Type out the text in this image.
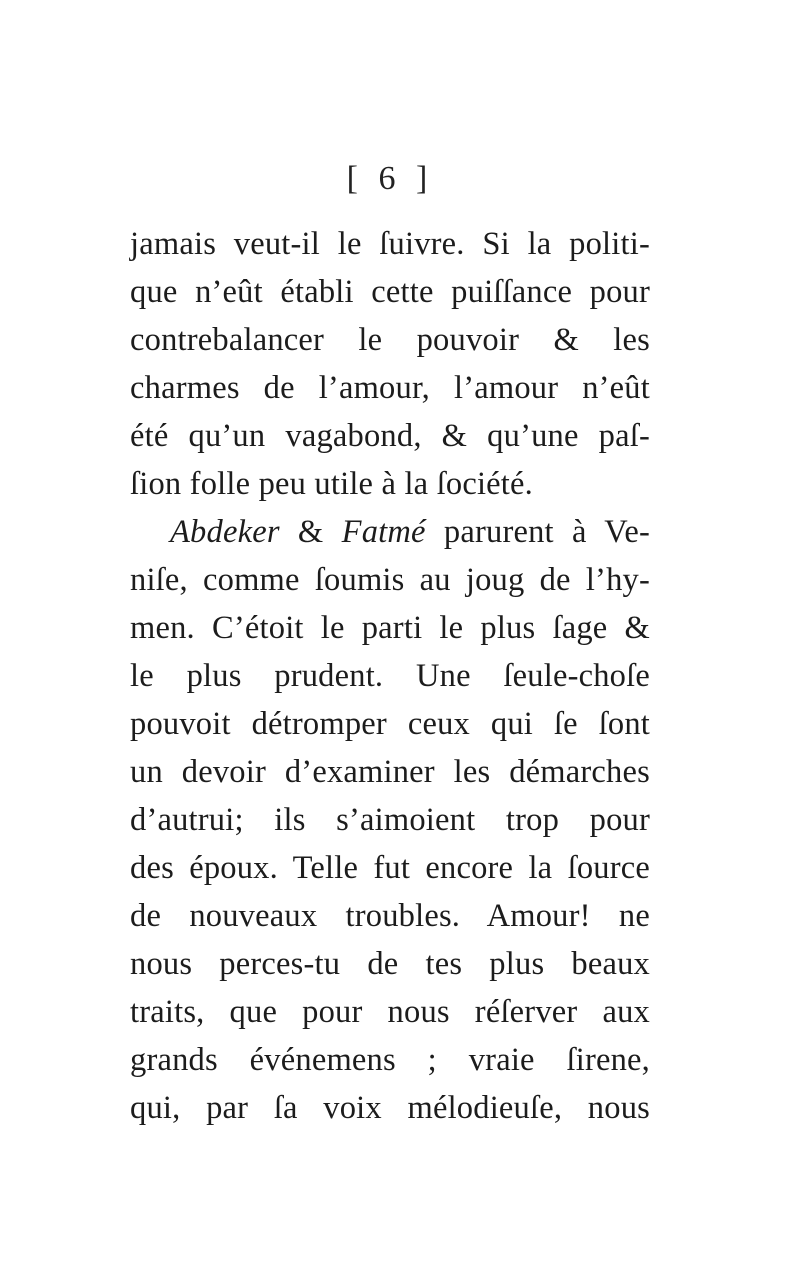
[ 6 ]
jamais veut-il le ſuivre. Si la politi-
que n’eût établi cette puiſſance pour
contrebalancer le pouvoir & les
charmes de l’amour, l’amour n’eût
été qu’un vagabond, & qu’une paſ-
ſion folle peu utile à la ſociété.
Abdeker & Fatmé parurent à Ve-
niſe, comme ſoumis au joug de l’hy-
men. C’étoit le parti le plus ſage &
le plus prudent. Une ſeule-choſe
pouvoit détromper ceux qui ſe ſont
un devoir d’examiner les démarches
d’autrui; ils s’aimoient trop pour
des époux. Telle fut encore la ſource
de nouveaux troubles. Amour! ne
nous perces-tu de tes plus beaux
traits, que pour nous réſerver aux
grands événemens ; vraie ſirene,
qui, par ſa voix mélodieuſe, nous
